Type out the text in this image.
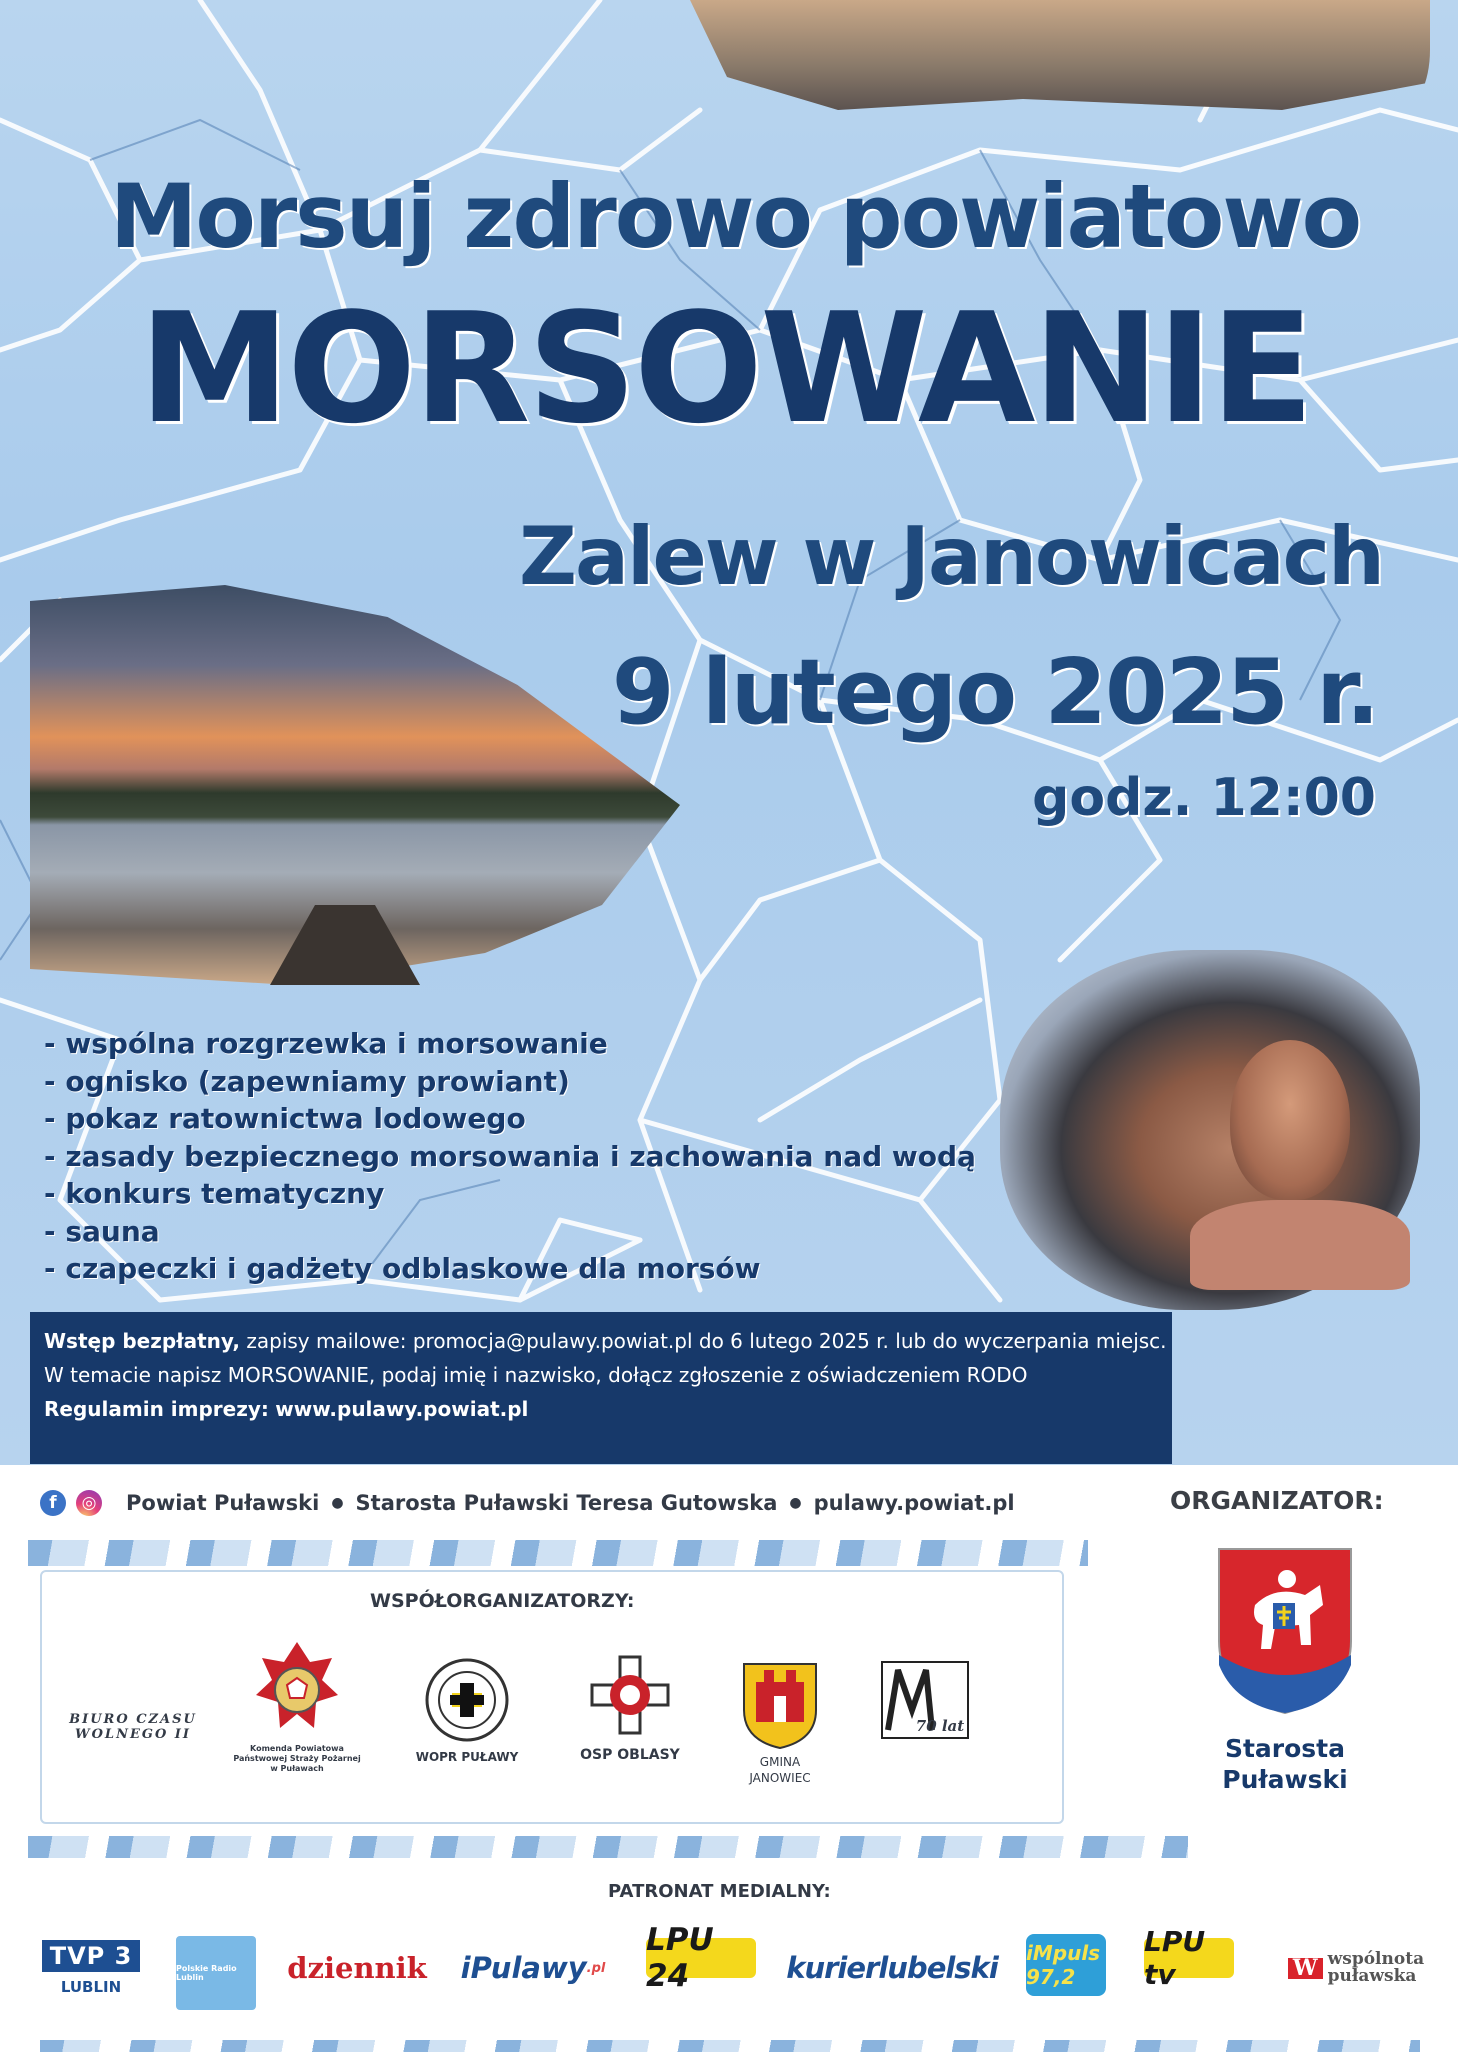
Morsuj zdrowo powiatowo
MORSOWANIE
Zalew w Janowicach
9 lutego 2025 r.
godz. 12:00
- wspólna rozgrzewka i morsowanie
- ognisko (zapewniamy prowiant)
- pokaz ratownictwa lodowego
- zasady bezpiecznego morsowania i zachowania nad wodą
- konkurs tematyczny
- sauna
- czapeczki i gadżety odblaskowe dla morsów

Wstęp bezpłatny, zapisy mailowe: promocja@pulawy.powiat.pl do 6 lutego 2025 r. lub do wyczerpania miejsc.

W temacie napisz MORSOWANIE, podaj imię i nazwisko, dołącz zgłoszenie z oświadczeniem RODO

Regulamin imprezy: www.pulawy.powiat.pl

f	◎ Powiat Puławski ● Starosta Puławski Teresa Gutowska ● pulawy.powiat.pl	ORGANIZATOR:
WSPÓŁORGANIZATORZY:
BIURO CZASU
WOLNEGO II
Komenda Powiatowa Państwowej Straży Pożarnej w Puławach
WOPR PUŁAWY	OSP OBLASY	GMINA
JANOWIEC
70 lat
Starosta
Puławski
PATRONAT MEDIALNY:
TVP 3
LUBLIN
Polskie Radio Lublin	dziennik iPulawy .pl
LPU 24	kurierlubelski iMpuls 97,2
LPU tv	W wspólnota
puławska
